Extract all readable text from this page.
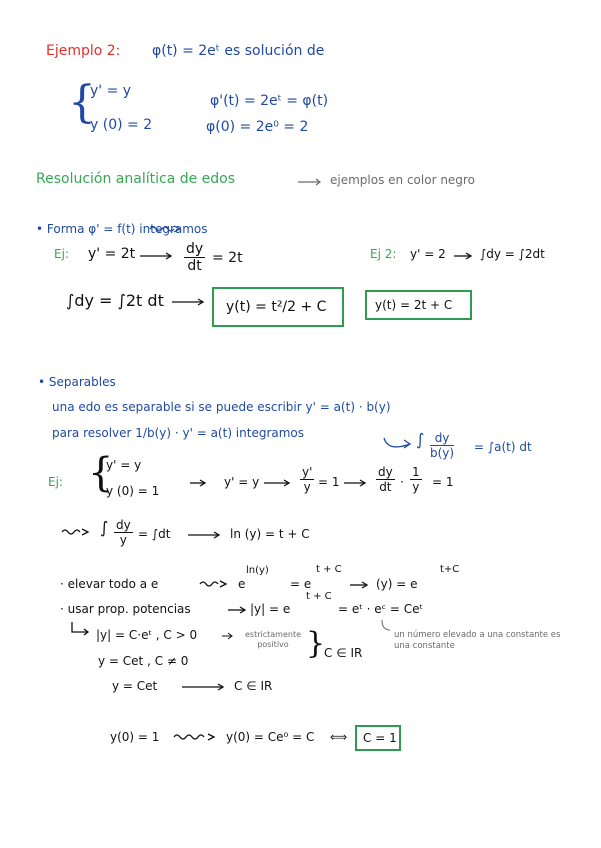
Ejemplo 2: φ(t) = 2eᵗ es solución de
{
y' = y
y (0) = 2
φ'(t) = 2eᵗ = φ(t)
φ(0) = 2e⁰ = 2
Resolución analítica de edos	ejemplos en color negro
• Forma φ' = f(t) integramos
Ej: y' = 2t	$\frac{dy}{dt} = 2t$	Ej 2: y' = 2	∫dy = ∫2dt
∫dy = ∫2t dt	y(t) = t²/2 + C	y(t) = 2t + C
• Separables
una edo es separable si se puede escribir y' = a(t) · b(y)
para resolver 1/b(y) · y' = a(t) integramos	∫ $\frac{dy}{b(y)} = \int a(t)$ dt
Ej: {
y' = y
y (0) = 1
y' = y	$\frac{y'}{y} = 1$	$\frac{dy}{dt} \cdot \frac{1}{y} = 1$
∫ $\frac{dy}{y} = \int dt$	ln (y) = t + C
· elevar todo a e	e
ln(y)
= e
t + C
(y) = e
t+C
· usar prop. potencias	|y| = e
t + C
= eᵗ · eᶜ = Ceᵗ
|y| = C·eᵗ , C > 0	estrictamente positivo }
C ∈ IR
un número elevado a una constante es una constante
y = Cet , C ≠ 0
y = Cet	C ∈ IR
y(0) = 1	y(0) = Ce⁰ = C ⟺ C = 1
